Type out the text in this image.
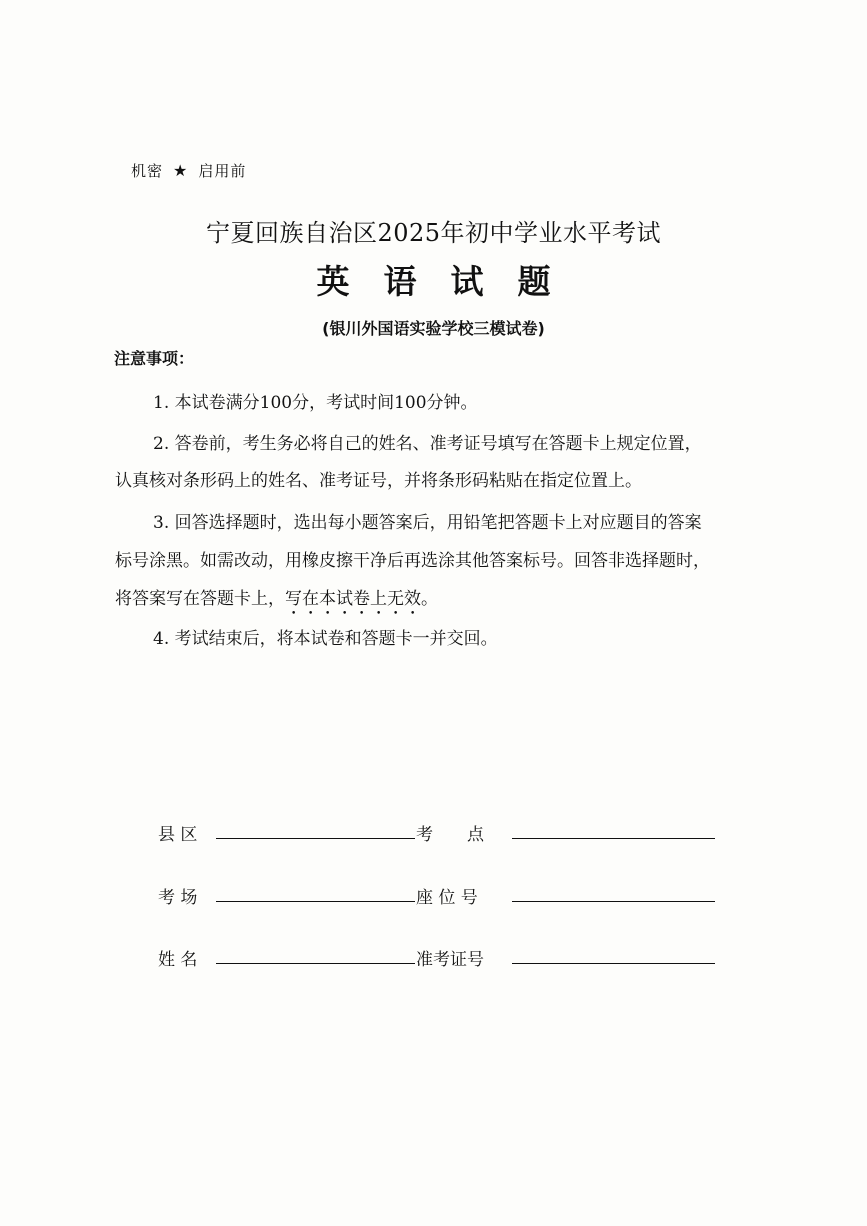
机密 ★ 启用前
宁夏回族自治区2025年初中学业水平考试
英语试题
(银川外国语实验学校三模试卷)
注意事项：
1. 本试卷满分100分，考试时间100分钟。
2. 答卷前，考生务必将自己的姓名、准考证号填写在答题卡上规定位置，
认真核对条形码上的姓名、准考证号，并将条形码粘贴在指定位置上。
3. 回答选择题时，选出每小题答案后，用铅笔把答题卡上对应题目的答案
标号涂黑。如需改动，用橡皮擦干净后再选涂其他答案标号。回答非选择题时，
将答案写在答题卡上，写在本试卷上无效。
4. 考试结束后，将本试卷和答题卡一并交回。
县 区	考　　点
考 场	座 位 号
姓 名	准考证号
